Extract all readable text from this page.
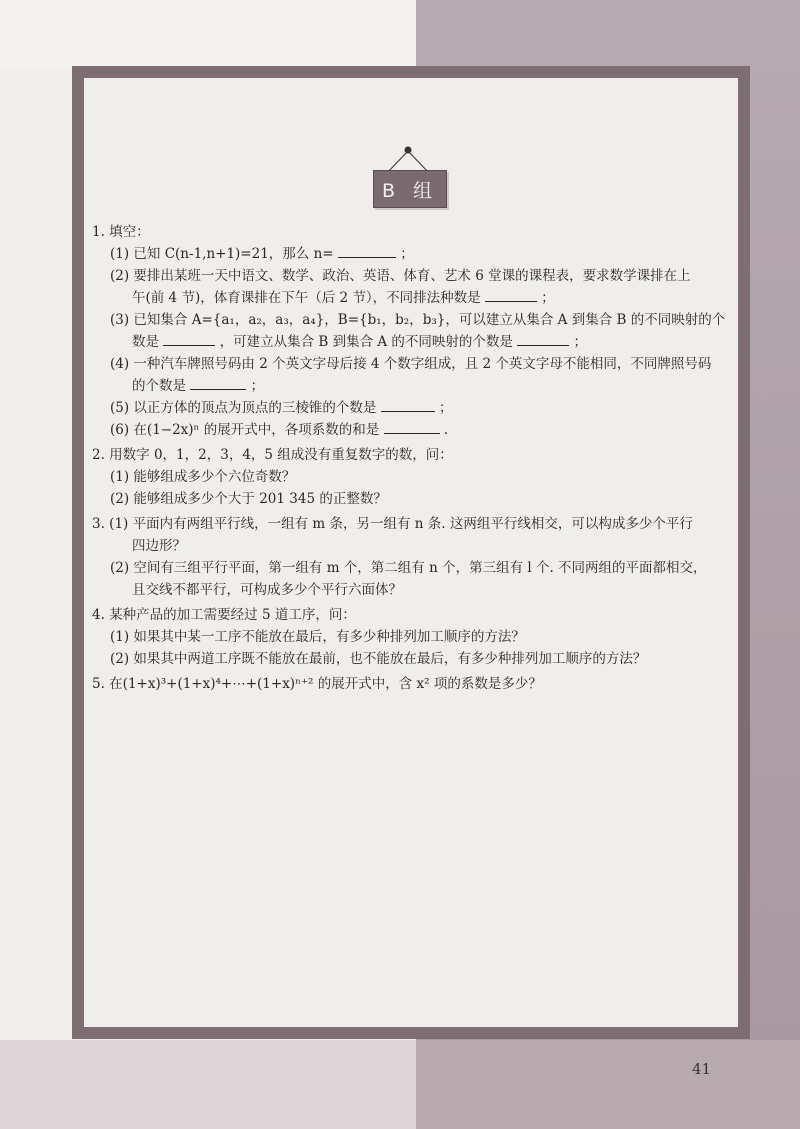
B 组
1. 填空：
(1) 已知 C(n-1,n+1)=21，那么 n=	；
(2) 要排出某班一天中语文、数学、政治、英语、体育、艺术 6 堂课的课程表，要求数学课排在上
午(前 4 节)，体育课排在下午（后 2 节），不同排法种数是	；
(3) 已知集合 A={a₁，a₂，a₃，a₄}，B={b₁，b₂，b₃}，可以建立从集合 A 到集合 B 的不同映射的个
数是	，可建立从集合 B 到集合 A 的不同映射的个数是	；
(4) 一种汽车牌照号码由 2 个英文字母后接 4 个数字组成，且 2 个英文字母不能相同，不同牌照号码
的个数是	；
(5) 以正方体的顶点为顶点的三棱锥的个数是	；
(6) 在(1−2x)ⁿ 的展开式中，各项系数的和是	.
2. 用数字 0，1，2，3，4，5 组成没有重复数字的数，问：
(1) 能够组成多少个六位奇数？
(2) 能够组成多少个大于 201 345 的正整数？
3. (1) 平面内有两组平行线，一组有 m 条，另一组有 n 条. 这两组平行线相交，可以构成多少个平行
四边形？
(2) 空间有三组平行平面，第一组有 m 个，第二组有 n 个，第三组有 l 个. 不同两组的平面都相交，
且交线不都平行，可构成多少个平行六面体？
4. 某种产品的加工需要经过 5 道工序，问：
(1) 如果其中某一工序不能放在最后，有多少种排列加工顺序的方法？
(2) 如果其中两道工序既不能放在最前，也不能放在最后，有多少种排列加工顺序的方法？
5. 在(1+x)³+(1+x)⁴+⋯+(1+x)ⁿ⁺² 的展开式中，含 x² 项的系数是多少？
41
